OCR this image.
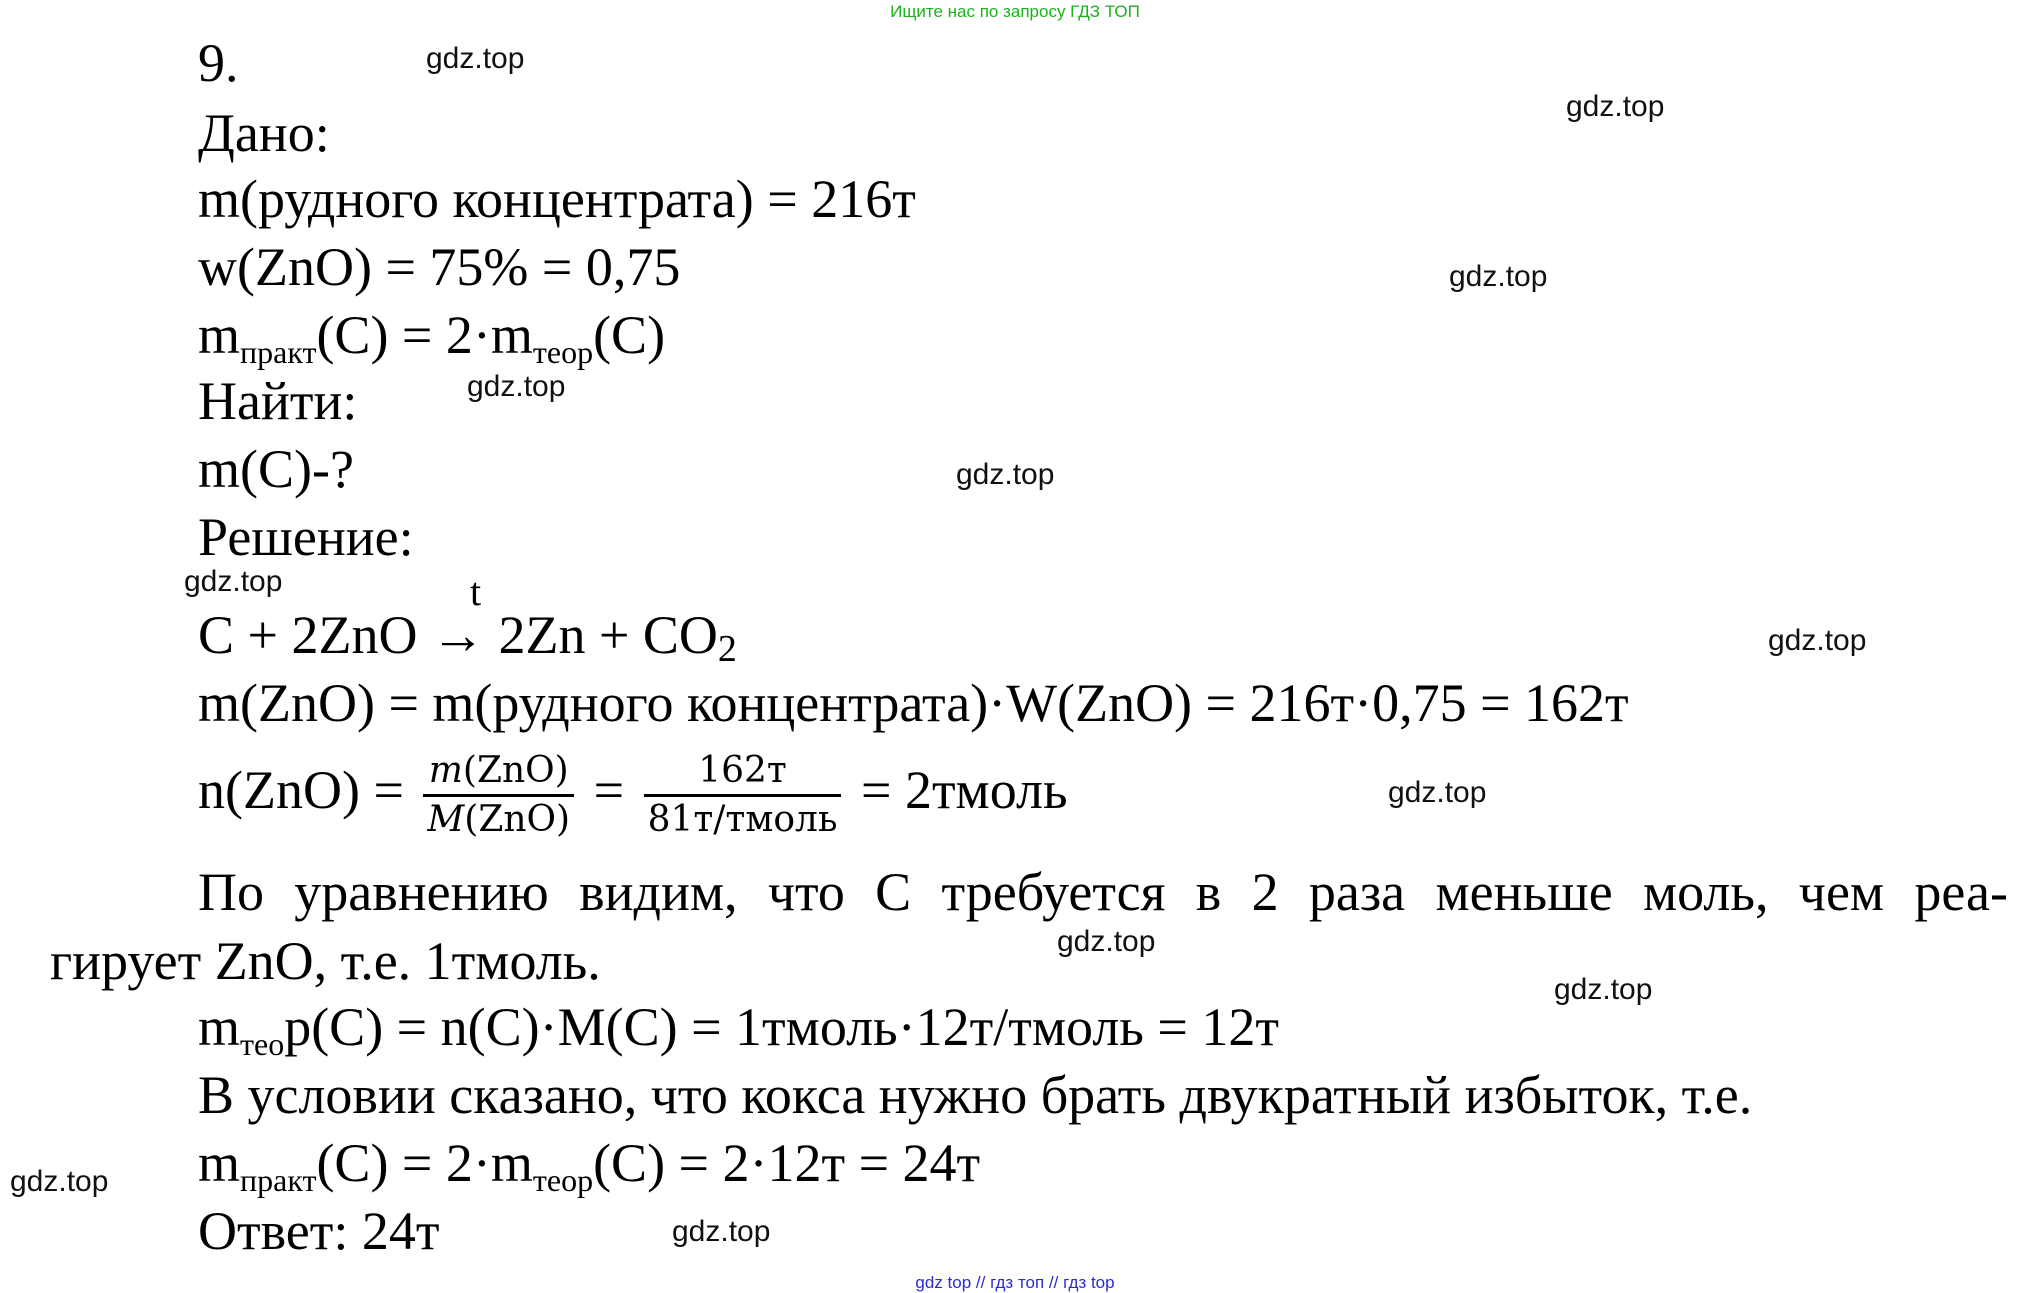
Ищите нас по запросу ГДЗ ТОП
gdz.top
gdz.top
gdz.top
gdz.top
gdz.top
gdz.top
gdz.top
gdz.top
gdz.top
gdz.top
gdz.top
gdz.top
9.
Дано:
m(рудного концентрата) = 216т
w(ZnO) = 75% = 0,75
$m_{практ}(C) = 2\cdot m_{теор}(C)$
Найти:
m(C)-?
Решение:
t
C + 2ZnO → 2Zn + CO2
m(ZnO) = m(рудного концентрата)·W(ZnO) = 216т·0,75 = 162т
$n(ZnO) = \frac{\text{m(ZnO)}}{\text{M(ZnO)}} = \frac{162т}{\text{81т/тмоль}}$ = 2тмоль
По уравнению видим, что C требуется в 2 раза меньше моль, чем реа-
гирует ZnO, т.е. 1тмоль.
$m_{тео}р(C) = n(C)\cdot M(C)$ = 1тмоль·12т/тмоль = 12т
В условии сказано, что кокса нужно брать двукратный избыток, т.е.
$m_{практ}(C) = 2\cdot m_{теор}(C) = 2\cdot 12т = 24т$
Ответ: 24т
gdz top // гдз топ // гдз top
